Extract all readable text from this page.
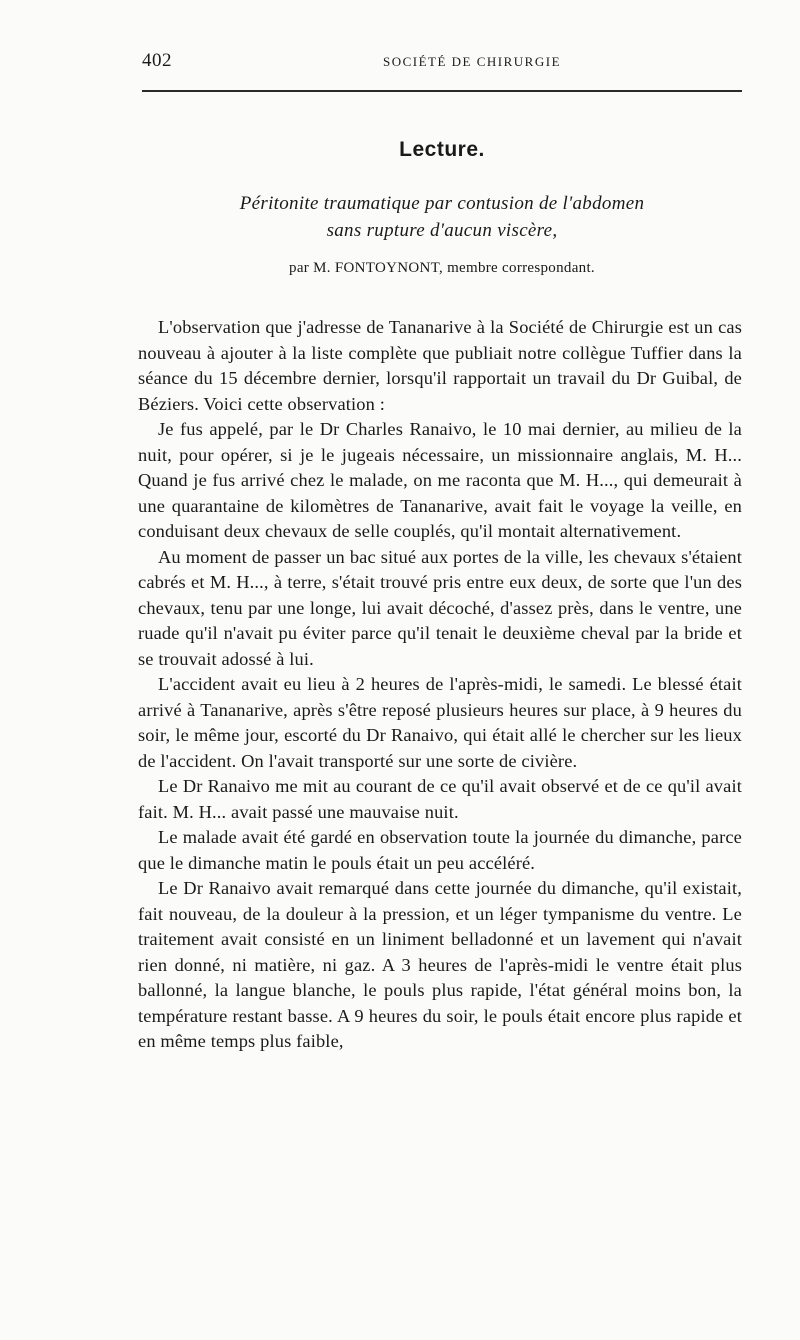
402	SOCIÉTÉ DE CHIRURGIE
Lecture.
Péritonite traumatique par contusion de l'abdomen
sans rupture d'aucun viscère,
par M. FONTOYNONT, membre correspondant.

L'observation que j'adresse de Tananarive à la Société de Chirurgie est un cas nouveau à ajouter à la liste complète que publiait notre collègue Tuffier dans la séance du 15 décembre dernier, lorsqu'il rapportait un travail du Dr Guibal, de Béziers. Voici cette observation :

Je fus appelé, par le Dr Charles Ranaivo, le 10 mai dernier, au milieu de la nuit, pour opérer, si je le jugeais nécessaire, un missionnaire anglais, M. H... Quand je fus arrivé chez le malade, on me raconta que M. H..., qui demeurait à une quarantaine de kilomètres de Tananarive, avait fait le voyage la veille, en conduisant deux chevaux de selle couplés, qu'il montait alternativement.

Au moment de passer un bac situé aux portes de la ville, les chevaux s'étaient cabrés et M. H..., à terre, s'était trouvé pris entre eux deux, de sorte que l'un des chevaux, tenu par une longe, lui avait décoché, d'assez près, dans le ventre, une ruade qu'il n'avait pu éviter parce qu'il tenait le deuxième cheval par la bride et se trouvait adossé à lui.

L'accident avait eu lieu à 2 heures de l'après-midi, le samedi. Le blessé était arrivé à Tananarive, après s'être reposé plusieurs heures sur place, à 9 heures du soir, le même jour, escorté du Dr Ranaivo, qui était allé le chercher sur les lieux de l'accident. On l'avait transporté sur une sorte de civière.

Le Dr Ranaivo me mit au courant de ce qu'il avait observé et de ce qu'il avait fait. M. H... avait passé une mauvaise nuit.

Le malade avait été gardé en observation toute la journée du dimanche, parce que le dimanche matin le pouls était un peu accéléré.

Le Dr Ranaivo avait remarqué dans cette journée du dimanche, qu'il existait, fait nouveau, de la douleur à la pression, et un léger tympanisme du ventre. Le traitement avait consisté en un liniment belladonné et un lavement qui n'avait rien donné, ni matière, ni gaz. A 3 heures de l'après-midi le ventre était plus ballonné, la langue blanche, le pouls plus rapide, l'état général moins bon, la température restant basse. A 9 heures du soir, le pouls était encore plus rapide et en même temps plus faible,
